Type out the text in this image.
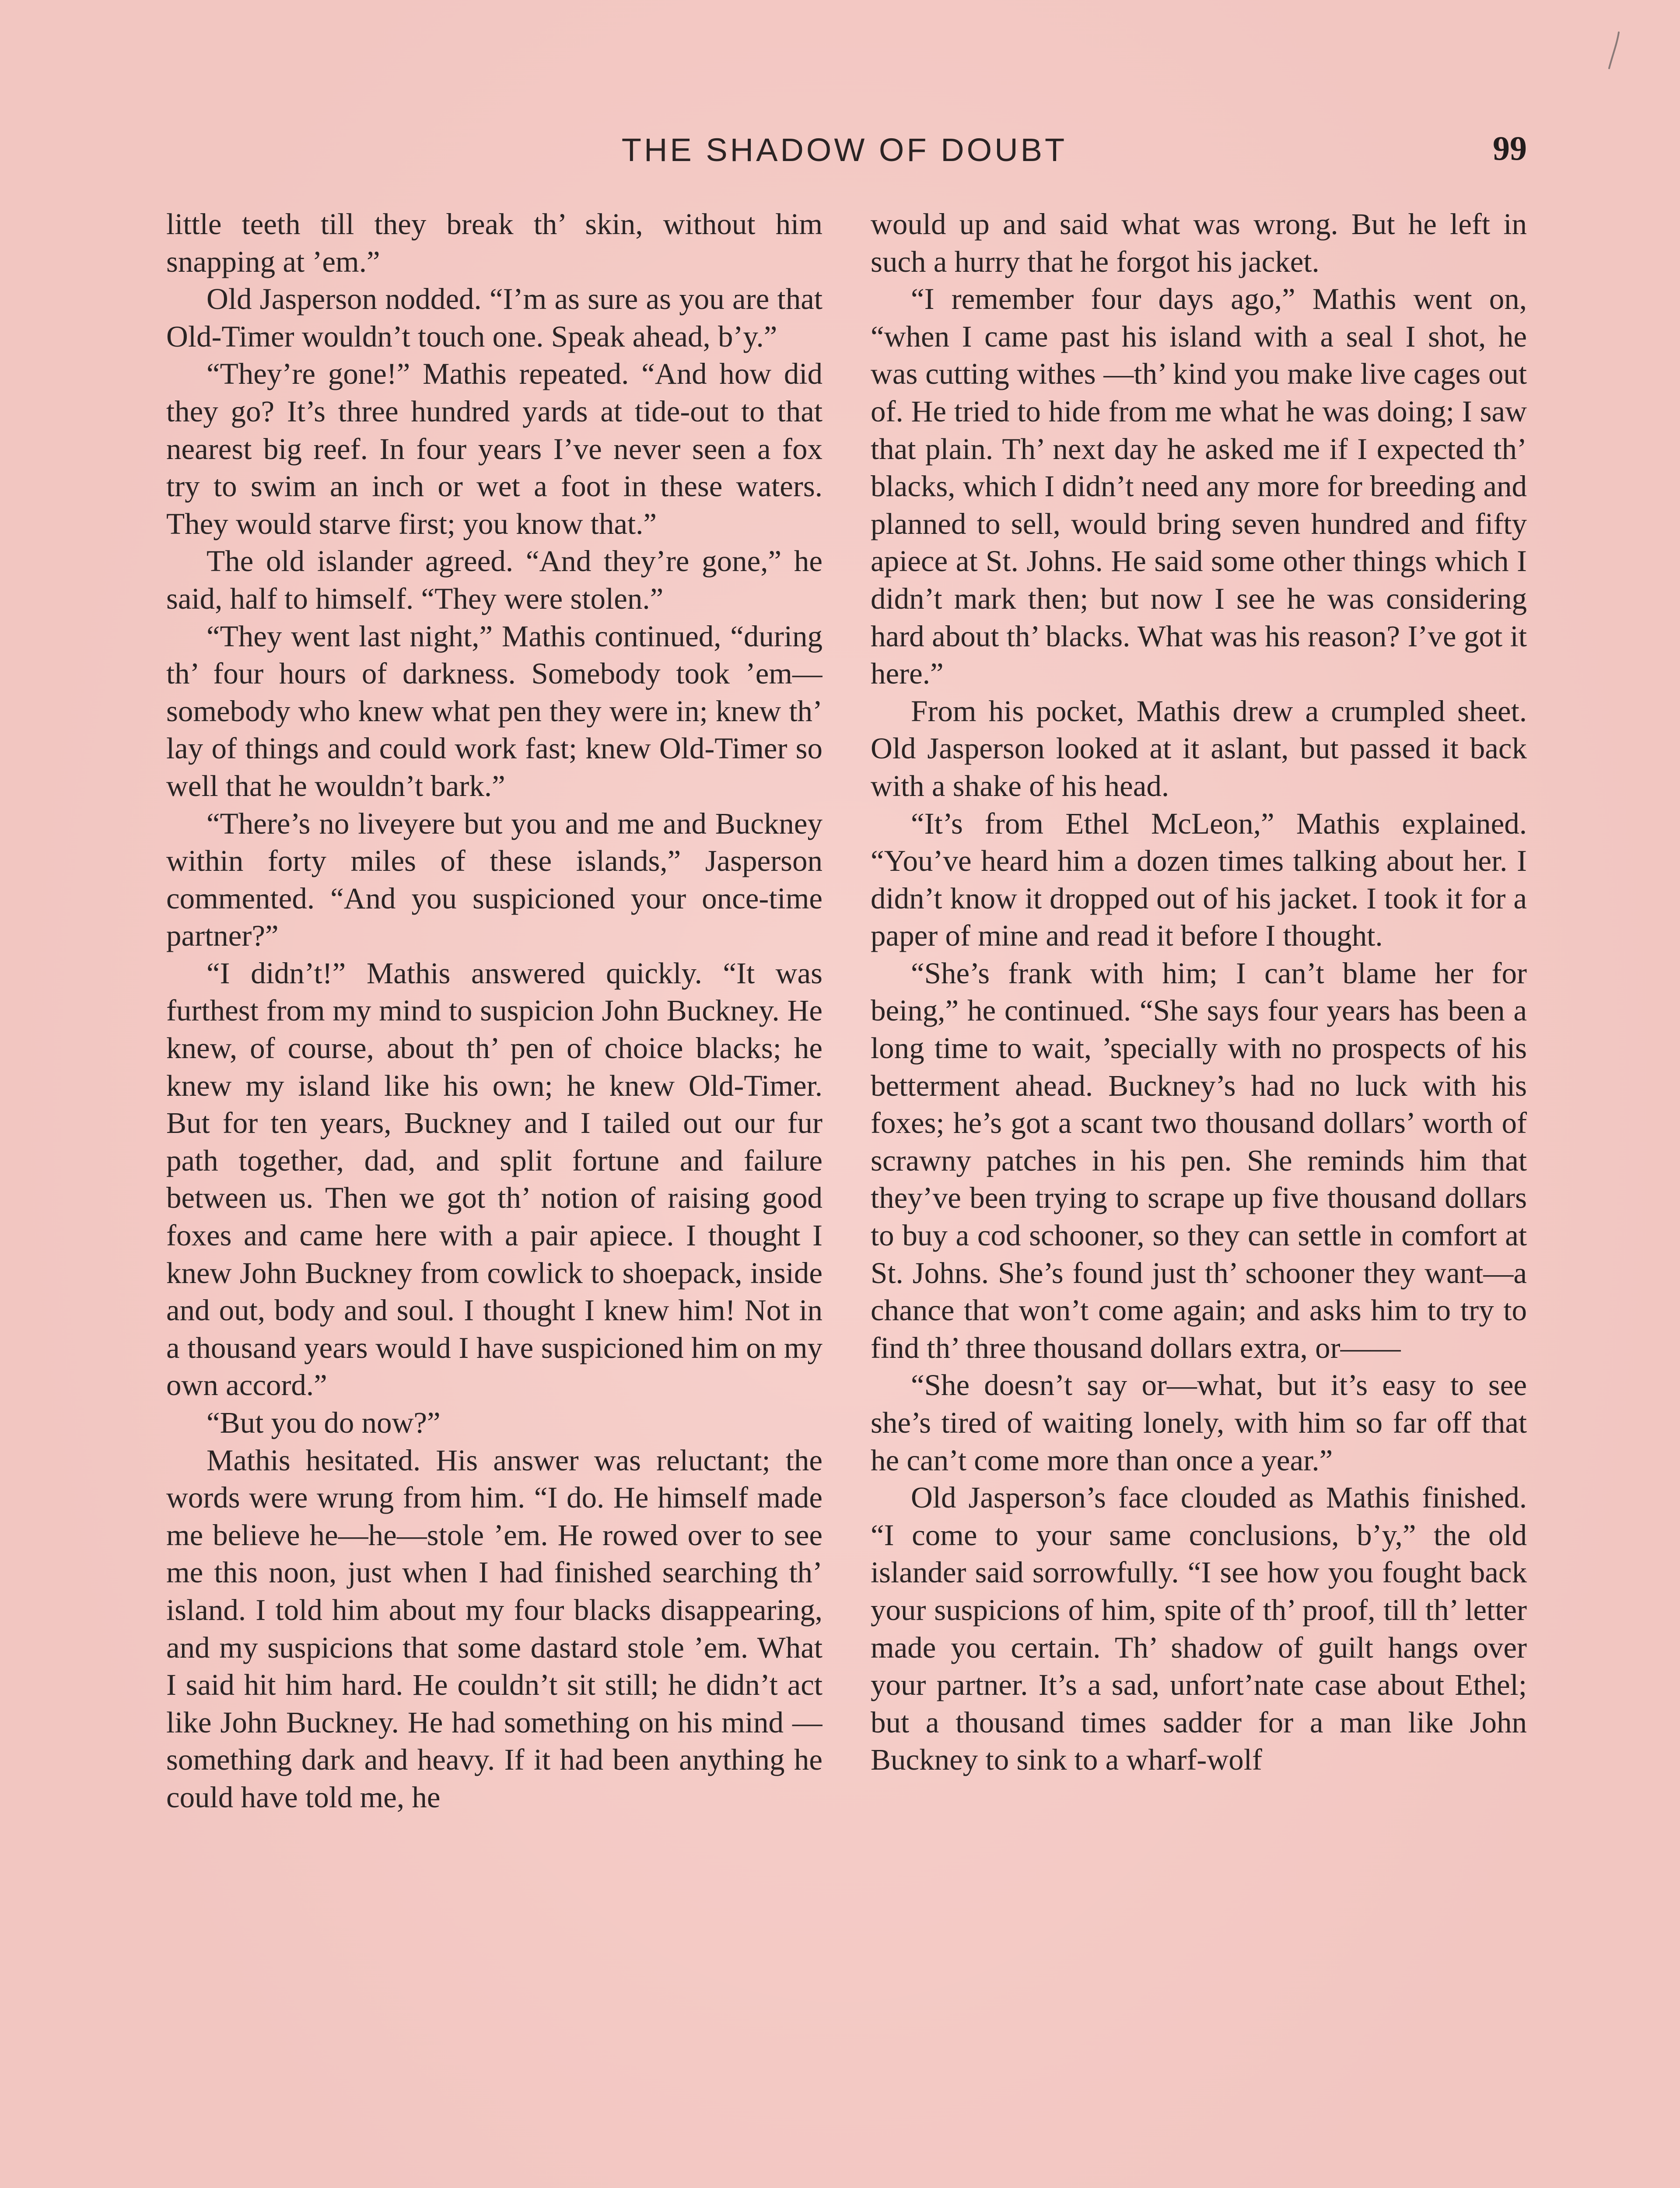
THE SHADOW OF DOUBT	99

little teeth till they break th’ skin, without him snapping at ’em.”

Old Jasperson nodded. “I’m as sure as you are that Old-Timer wouldn’t touch one. Speak ahead, b’y.”

“They’re gone!” Mathis repeated. “And how did they go? It’s three hundred yards at tide-out to that nearest big reef. In four years I’ve never seen a fox try to swim an inch or wet a foot in these waters. They would starve first; you know that.”

The old islander agreed. “And they’re gone,” he said, half to himself. “They were stolen.”

“They went last night,” Mathis continued, “during th’ four hours of darkness. Somebody took ’em—somebody who knew what pen they were in; knew th’ lay of things and could work fast; knew Old-Timer so well that he wouldn’t bark.”

“There’s no liveyere but you and me and Buckney within forty miles of these islands,” Jasperson commented. “And you suspicioned your once-time partner?”

“I didn’t!” Mathis answered quickly. “It was furthest from my mind to suspicion John Buckney. He knew, of course, about th’ pen of choice blacks; he knew my island like his own; he knew Old-Timer. But for ten years, Buckney and I tailed out our fur path together, dad, and split fortune and failure between us. Then we got th’ notion of raising good foxes and came here with a pair apiece. I thought I knew John Buckney from cowlick to shoepack, inside and out, body and soul. I thought I knew him! Not in a thousand years would I have suspicioned him on my own accord.”

“But you do now?”

Mathis hesitated. His answer was reluctant; the words were wrung from him. “I do. He himself made me believe he—he—stole ’em. He rowed over to see me this noon, just when I had finished searching th’ island. I told him about my four blacks disappearing, and my suspicions that some dastard stole ’em. What I said hit him hard. He couldn’t sit still; he didn’t act like John Buckney. He had something on his mind —something dark and heavy. If it had been anything he could have told me, he

would up and said what was wrong. But he left in such a hurry that he forgot his jacket.

“I remember four days ago,” Mathis went on, “when I came past his island with a seal I shot, he was cutting withes —th’ kind you make live cages out of. He tried to hide from me what he was doing; I saw that plain. Th’ next day he asked me if I expected th’ blacks, which I didn’t need any more for breeding and planned to sell, would bring seven hundred and fifty apiece at St. Johns. He said some other things which I didn’t mark then; but now I see he was considering hard about th’ blacks. What was his reason? I’ve got it here.”

From his pocket, Mathis drew a crumpled sheet. Old Jasperson looked at it aslant, but passed it back with a shake of his head.

“It’s from Ethel McLeon,” Mathis explained. “You’ve heard him a dozen times talking about her. I didn’t know it dropped out of his jacket. I took it for a paper of mine and read it before I thought.

“She’s frank with him; I can’t blame her for being,” he continued. “She says four years has been a long time to wait, ’specially with no prospects of his betterment ahead. Buckney’s had no luck with his foxes; he’s got a scant two thousand dollars’ worth of scrawny patches in his pen. She reminds him that they’ve been trying to scrape up five thousand dollars to buy a cod schooner, so they can settle in comfort at St. Johns. She’s found just th’ schooner they want—a chance that won’t come again; and asks him to try to find th’ three thousand dollars extra, or——

“She doesn’t say or—what, but it’s easy to see she’s tired of waiting lonely, with him so far off that he can’t come more than once a year.”

Old Jasperson’s face clouded as Mathis finished. “I come to your same conclusions, b’y,” the old islander said sorrowfully. “I see how you fought back your suspicions of him, spite of th’ proof, till th’ letter made you certain. Th’ shadow of guilt hangs over your partner. It’s a sad, unfort’nate case about Ethel; but a thousand times sadder for a man like John Buckney to sink to a wharf-wolf
